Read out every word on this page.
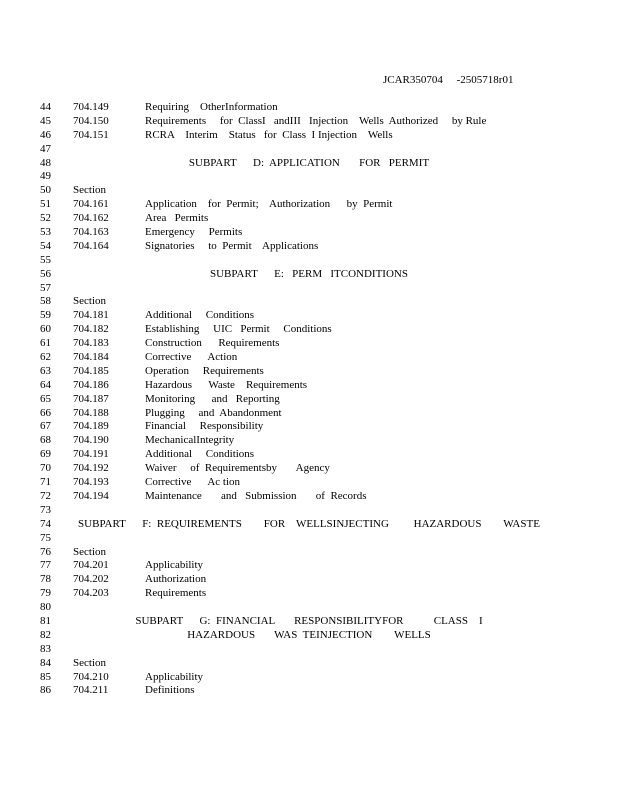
JCAR350704     -2505718r01
44 704.149	Requiring    OtherInformation
45 704.150	Requirements     for  ClassI   andIII   Injection    Wells  Authorized     by Rule
46 704.151	RCRA    Interim    Status   for  Class  I Injection    Wells
47
48	SUBPART      D:  APPLICATION       FOR   PERMIT
49
50 Section
51 704.161	Application    for  Permit;    Authorization      by  Permit
52 704.162	Area   Permits
53 704.163	Emergency     Permits
54 704.164	Signatories     to  Permit    Applications
55
56	SUBPART      E:   PERM   ITCONDITIONS
57
58 Section
59 704.181	Additional     Conditions
60 704.182	Establishing     UIC   Permit     Conditions
61 704.183	Construction      Requirements
62 704.184	Corrective      Action
63 704.185	Operation     Requirements
64 704.186	Hazardous      Waste    Requirements
65 704.187	Monitoring      and   Reporting
66 704.188	Plugging     and  Abandonment
67 704.189	Financial     Responsibility
68 704.190	MechanicalIntegrity
69 704.191	Additional     Conditions
70 704.192	Waiver     of  Requirementsby       Agency
71 704.193	Corrective      Ac tion
72 704.194	Maintenance       and   Submission       of  Records
73
74	SUBPART      F:  REQUIREMENTS        FOR    WELLSINJECTING         HAZARDOUS        WASTE
75
76 Section
77 704.201	Applicability
78 704.202	Authorization
79 704.203	Requirements
80
81	SUBPART      G:  FINANCIAL       RESPONSIBILITYFOR           CLASS    I
82	HAZARDOUS       WAS  TEINJECTION        WELLS
83
84 Section
85 704.210	Applicability
86 704.211	Definitions
